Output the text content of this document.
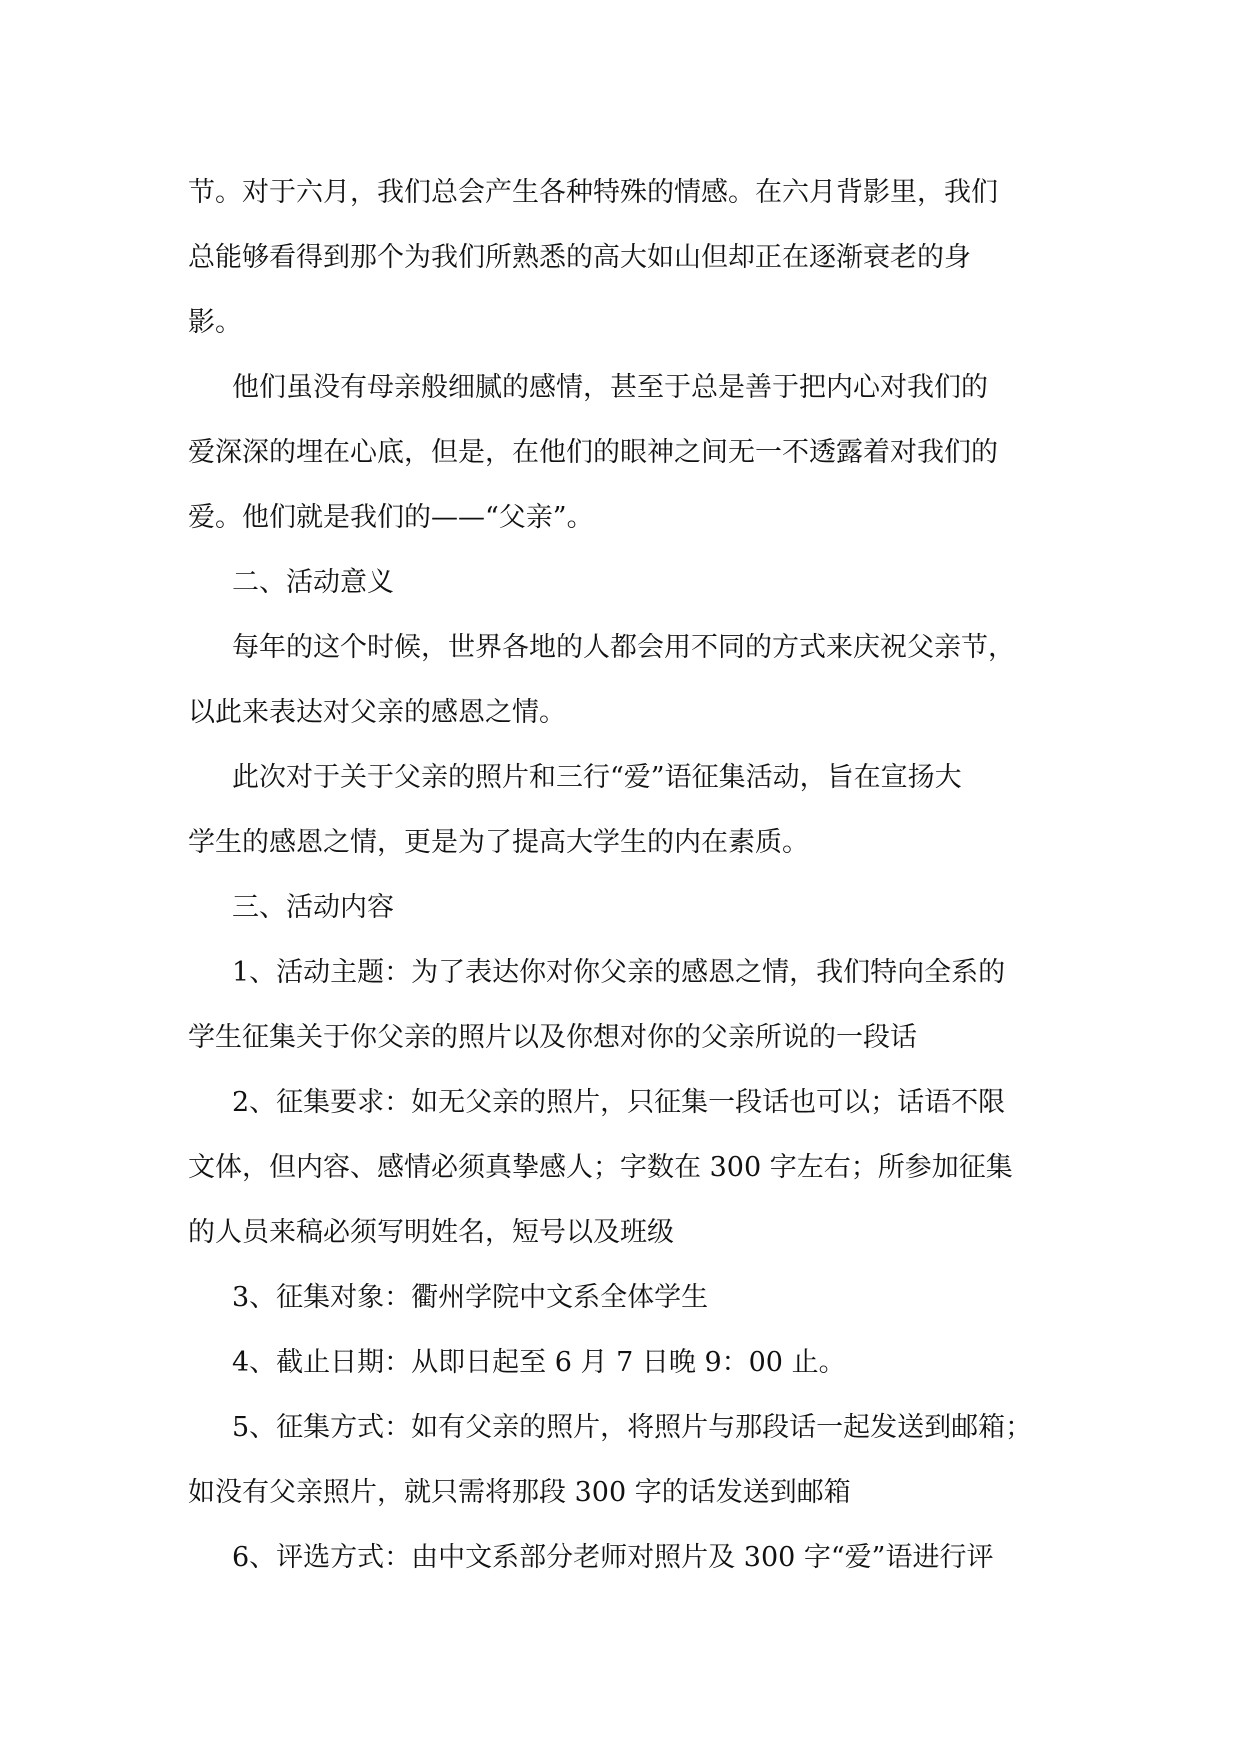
节。对于六月，我们总会产生各种特殊的情感。在六月背影里，我们
总能够看得到那个为我们所熟悉的高大如山但却正在逐渐衰老的身
影。

他们虽没有母亲般细腻的感情，甚至于总是善于把内心对我们的
爱深深的埋在心底，但是，在他们的眼神之间无一不透露着对我们的
爱。他们就是我们的——“父亲”。

二、活动意义

每年的这个时候，世界各地的人都会用不同的方式来庆祝父亲节，
以此来表达对父亲的感恩之情。

此次对于关于父亲的照片和三行“爱”语征集活动，旨在宣扬大
学生的感恩之情，更是为了提高大学生的内在素质。

三、活动内容

1、活动主题：为了表达你对你父亲的感恩之情，我们特向全系的
学生征集关于你父亲的照片以及你想对你的父亲所说的一段话

2、征集要求：如无父亲的照片，只征集一段话也可以；话语不限
文体，但内容、感情必须真挚感人；字数在 300 字左右；所参加征集
的人员来稿必须写明姓名，短号以及班级

3、征集对象：衢州学院中文系全体学生

4、截止日期：从即日起至 6 月 7 日晚 9：00 止。

5、征集方式：如有父亲的照片，将照片与那段话一起发送到邮箱；
如没有父亲照片，就只需将那段 300 字的话发送到邮箱

6、评选方式：由中文系部分老师对照片及 300 字“爱”语进行评
